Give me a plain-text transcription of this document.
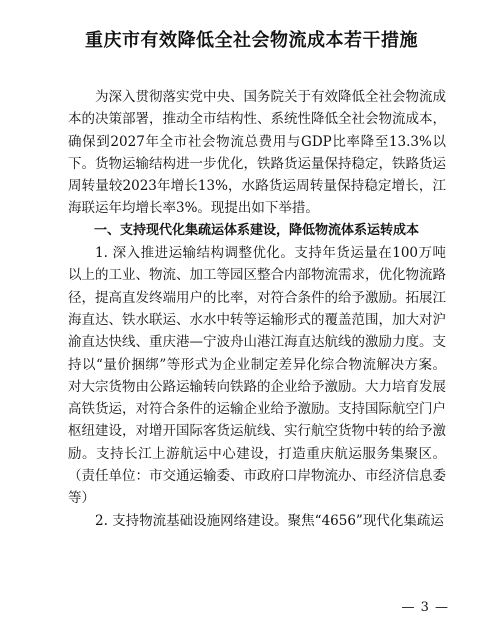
重庆市有效降低全社会物流成本若干措施

为深入贯彻落实党中央、国务院关于有效降低全社会物流成本的决策部署，推动全市结构性、系统性降低全社会物流成本，确保到2027年全市社会物流总费用与GDP比率降至13.3%以下。货物运输结构进一步优化，铁路货运量保持稳定，铁路货运周转量较2023年增长13%，水路货运周转量保持稳定增长，江海联运年均增长率3%。现提出如下举措。

一、支持现代化集疏运体系建设，降低物流体系运转成本

1. 深入推进运输结构调整优化。支持年货运量在100万吨以上的工业、物流、加工等园区整合内部物流需求，优化物流路径，提高直发终端用户的比率，对符合条件的给予激励。拓展江海直达、铁水联运、水水中转等运输形式的覆盖范围，加大对沪渝直达快线、重庆港—宁波舟山港江海直达航线的激励力度。支持以“量价捆绑”等形式为企业制定差异化综合物流解决方案。对大宗货物由公路运输转向铁路的企业给予激励。大力培育发展高铁货运，对符合条件的运输企业给予激励。支持国际航空门户枢纽建设，对增开国际客货运航线、实行航空货物中转的给予激励。支持长江上游航运中心建设，打造重庆航运服务集聚区。（责任单位：市交通运输委、市政府口岸物流办、市经济信息委等）

2. 支持物流基础设施网络建设。聚焦“4656”现代化集疏运

— 3 —
